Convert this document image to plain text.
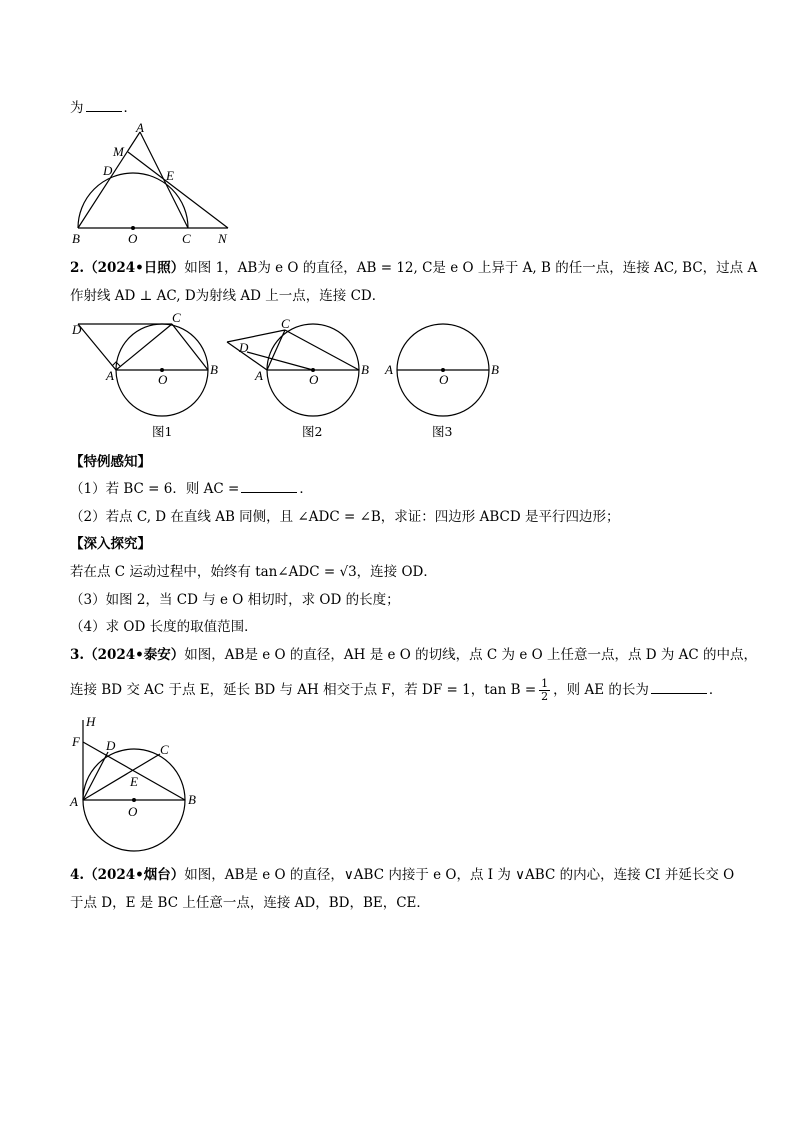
为	．
A
M
D	E
B	O	C N
2.（2024•日照）如图 1，AB为 e O 的直径，AB = 12, C是 e O 上异于 A, B 的任一点，连接 AC, BC，过点 A
作射线 AD ⊥ AC, D为射线 AD 上一点，连接 CD．
D
C
A	O
B
C
D
A	O
B A
O
B
图1	图2	图3
【特例感知】
（1）若 BC = 6．则 AC =	．
（2）若点 C, D 在直线 AB 同侧，且 ∠ADC = ∠B，求证：四边形 ABCD 是平行四边形；
【深入探究】
若在点 C 运动过程中，始终有 tan∠ADC = √3，连接 OD．
（3）如图 2，当 CD 与 e O 相切时，求 OD 的长度；
（4）求 OD 长度的取值范围．
3.（2024•泰安）如图，AB是 e O 的直径，AH 是 e O 的切线，点 C 为 e O 上任意一点，点 D 为 AC 的中点，
连接 BD 交 AC 于点 E，延长 BD 与 AH 相交于点 F，若 DF = 1，$\tan B = \frac{1}{2}$ ，则 AE 的长为	．
H
F D	C
E
A
O
B
4.（2024•烟台）如图，AB是 e O 的直径，∨ABC 内接于 e O，点 I 为 ∨ABC 的内心，连接 CI 并延长交 O
于点 D，E 是 BC 上任意一点，连接 AD，BD，BE，CE．
